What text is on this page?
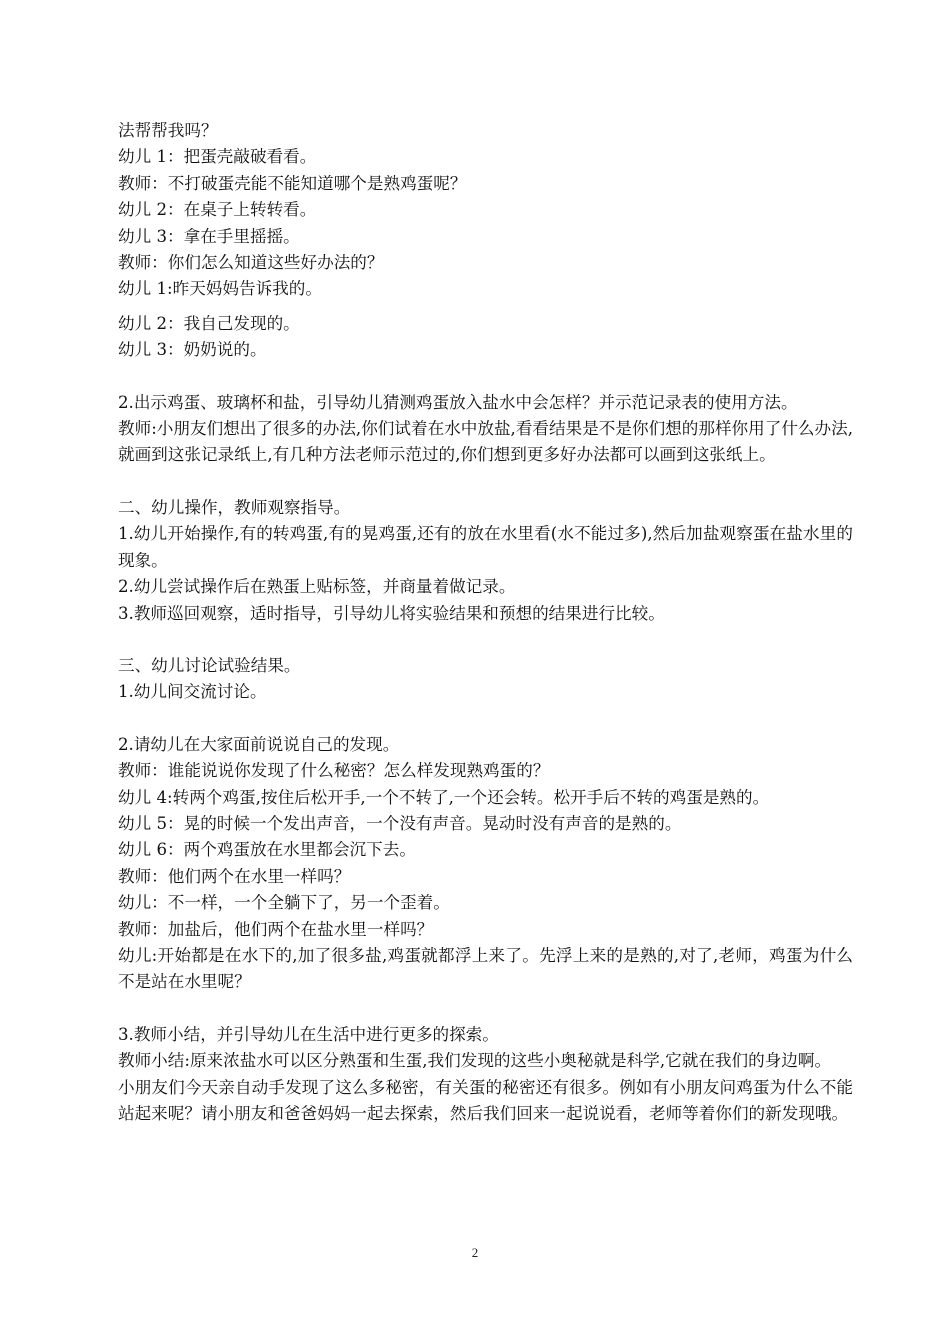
法帮帮我吗？

幼儿 1：把蛋壳敲破看看。

教师：不打破蛋壳能不能知道哪个是熟鸡蛋呢？

幼儿 2：在桌子上转转看。

幼儿 3：拿在手里摇摇。

教师：你们怎么知道这些好办法的？

幼儿 1:昨天妈妈告诉我的。

幼儿 2：我自己发现的。

幼儿 3：奶奶说的。

2.出示鸡蛋、玻璃杯和盐，引导幼儿猜测鸡蛋放入盐水中会怎样？并示范记录表的使用方法。

教师:小朋友们想出了很多的办法,你们试着在水中放盐,看看结果是不是你们想的那样你用了什么办法,就画到这张记录纸上,有几种方法老师示范过的,你们想到更多好办法都可以画到这张纸上。

二、幼儿操作，教师观察指导。

1.幼儿开始操作,有的转鸡蛋,有的晃鸡蛋,还有的放在水里看(水不能过多),然后加盐观察蛋在盐水里的现象。

2.幼儿尝试操作后在熟蛋上贴标签，并商量着做记录。

3.教师巡回观察，适时指导，引导幼儿将实验结果和预想的结果进行比较。

三、幼儿讨论试验结果。

1.幼儿间交流讨论。

2.请幼儿在大家面前说说自己的发现。

教师：谁能说说你发现了什么秘密？怎么样发现熟鸡蛋的？

幼儿 4:转两个鸡蛋,按住后松开手,一个不转了,一个还会转。松开手后不转的鸡蛋是熟的。

幼儿 5：晃的时候一个发出声音，一个没有声音。晃动时没有声音的是熟的。

幼儿 6：两个鸡蛋放在水里都会沉下去。

教师：他们两个在水里一样吗？

幼儿：不一样，一个全躺下了，另一个歪着。

教师：加盐后，他们两个在盐水里一样吗？

幼儿:开始都是在水下的,加了很多盐,鸡蛋就都浮上来了。先浮上来的是熟的,对了,老师，鸡蛋为什么不是站在水里呢？

3.教师小结，并引导幼儿在生活中进行更多的探索。

教师小结:原来浓盐水可以区分熟蛋和生蛋,我们发现的这些小奥秘就是科学,它就在我们的身边啊。

小朋友们今天亲自动手发现了这么多秘密，有关蛋的秘密还有很多。例如有小朋友问鸡蛋为什么不能站起来呢？请小朋友和爸爸妈妈一起去探索，然后我们回来一起说说看，老师等着你们的新发现哦。

2
